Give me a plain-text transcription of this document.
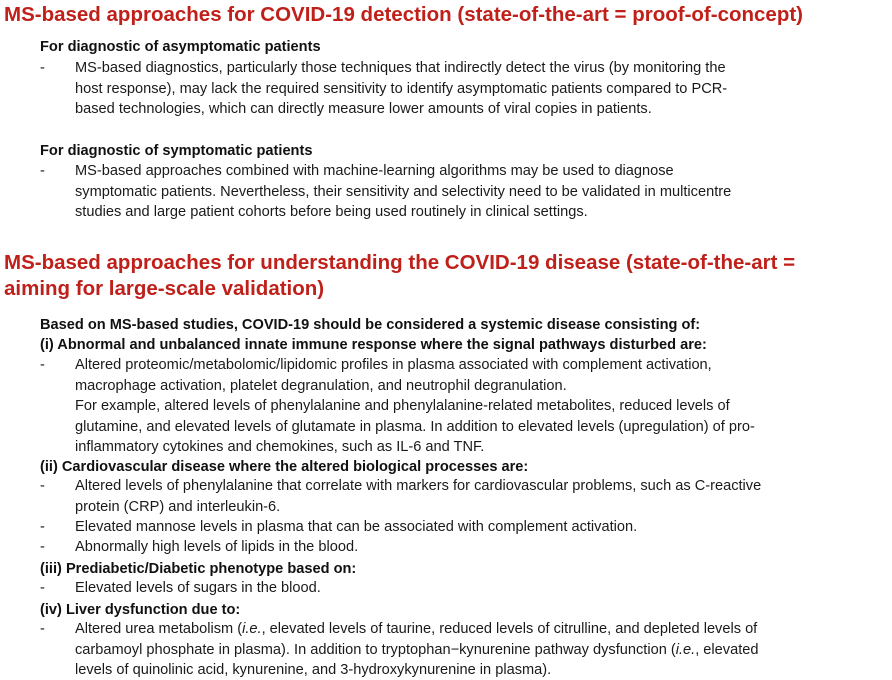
MS-based approaches for COVID-19 detection (state-of-the-art = proof-of-concept)
For diagnostic of asymptomatic patients
- MS-based diagnostics, particularly those techniques that indirectly detect the virus (by monitoring the
host response), may lack the required sensitivity to identify asymptomatic patients compared to PCR-
based technologies, which can directly measure lower amounts of viral copies in patients.
For diagnostic of symptomatic patients
- MS-based approaches combined with machine-learning algorithms may be used to diagnose
symptomatic patients. Nevertheless, their sensitivity and selectivity need to be validated in multicentre
studies and large patient cohorts before being used routinely in clinical settings.
MS-based approaches for understanding the COVID-19 disease (state-of-the-art =
aiming for large-scale validation)
Based on MS-based studies, COVID-19 should be considered a systemic disease consisting of:
(i) Abnormal and unbalanced innate immune response where the signal pathways disturbed are:
- Altered proteomic/metabolomic/lipidomic profiles in plasma associated with complement activation,
macrophage activation, platelet degranulation, and neutrophil degranulation.
For example, altered levels of phenylalanine and phenylalanine-related metabolites, reduced levels of
glutamine, and elevated levels of glutamate in plasma. In addition to elevated levels (upregulation) of pro-
inflammatory cytokines and chemokines, such as IL-6 and TNF.
(ii) Cardiovascular disease where the altered biological processes are:
- Altered levels of phenylalanine that correlate with markers for cardiovascular problems, such as C-reactive
protein (CRP) and interleukin-6.
- Elevated mannose levels in plasma that can be associated with complement activation.
- Abnormally high levels of lipids in the blood.
(iii) Prediabetic/Diabetic phenotype based on:
- Elevated levels of sugars in the blood.
(iv) Liver dysfunction due to:
- Altered urea metabolism (i.e., elevated levels of taurine, reduced levels of citrulline, and depleted levels of
carbamoyl phosphate in plasma). In addition to tryptophan−kynurenine pathway dysfunction (i.e., elevated
levels of quinolinic acid, kynurenine, and 3-hydroxykynurenine in plasma).
